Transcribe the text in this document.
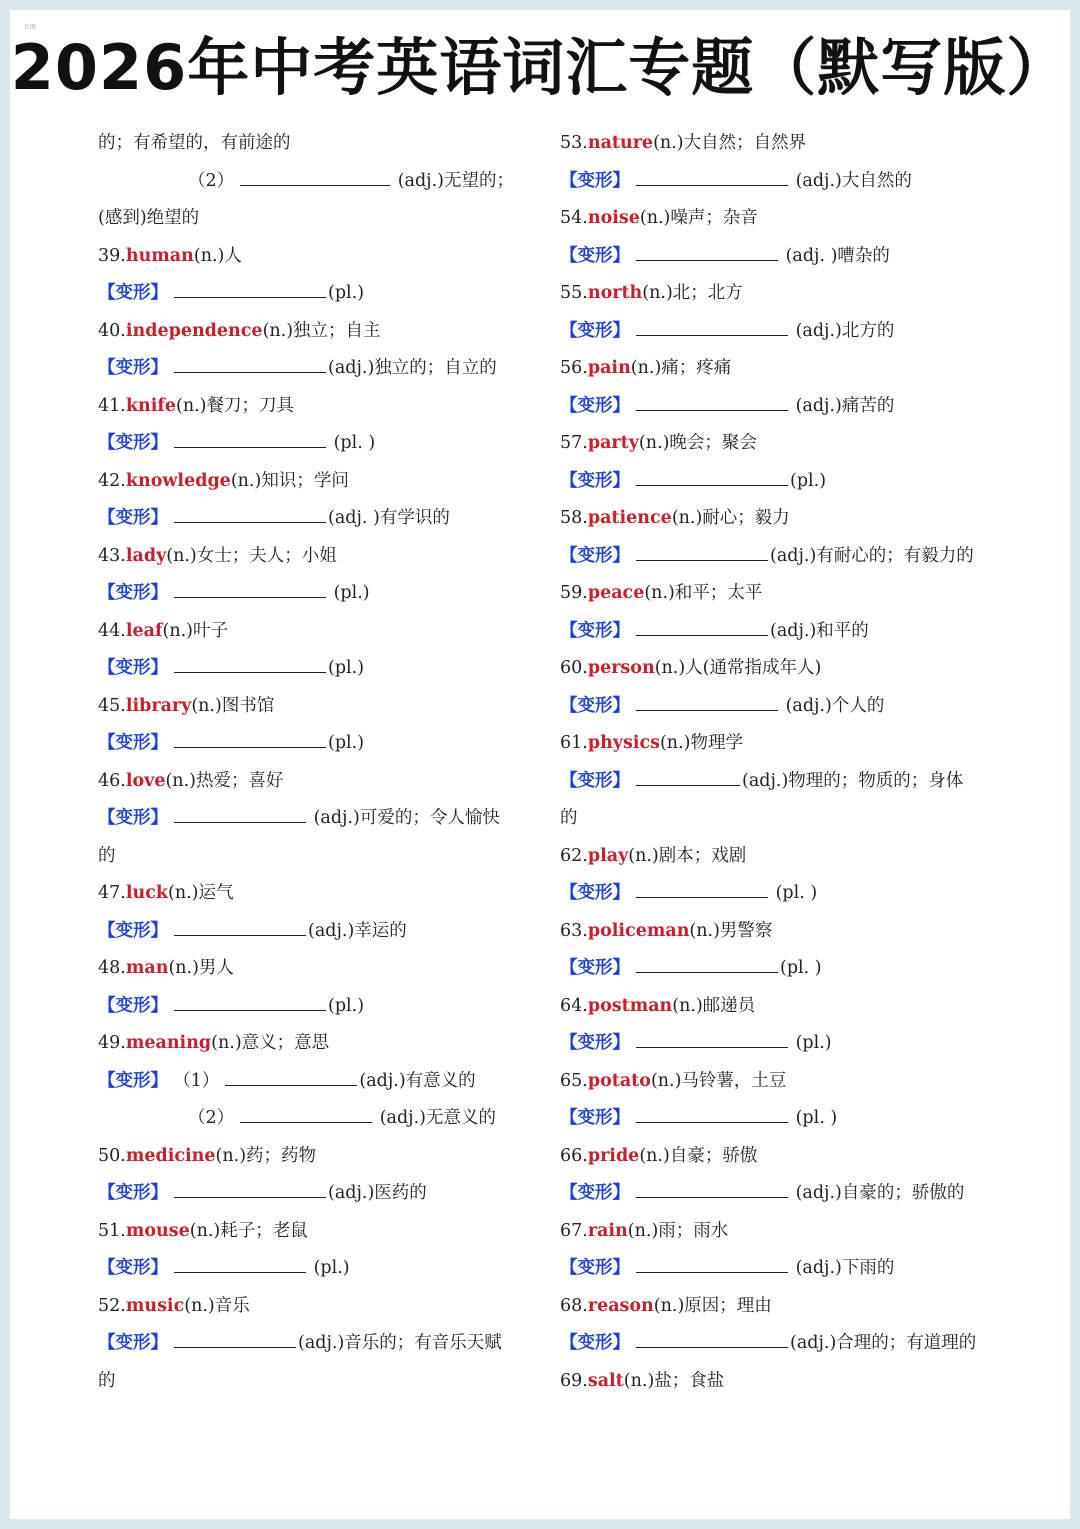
长图
2026年中考英语词汇专题（默写版）
的；有希望的，有前途的
（2）	(adj.)无望的；
(感到)绝望的
39.human(n.)人
【变形】	(pl.)
40.independence(n.)独立；自主
【变形】	(adj.)独立的；自立的
41.knife(n.)餐刀；刀具
【变形】	(pl. )
42.knowledge(n.)知识；学问
【变形】	(adj. )有学识的
43.lady(n.)女士；夫人；小姐
【变形】	(pl.)
44.leaf(n.)叶子
【变形】	(pl.)
45.library(n.)图书馆
【变形】	(pl.)
46.love(n.)热爱；喜好
【变形】	(adj.)可爱的；令人愉快
的
47.luck(n.)运气
【变形】	(adj.)幸运的
48.man(n.)男人
【变形】	(pl.)
49.meaning(n.)意义；意思
【变形】 （1）	(adj.)有意义的
（2）	(adj.)无意义的
50.medicine(n.)药；药物
【变形】	(adj.)医药的
51.mouse(n.)耗子；老鼠
【变形】	(pl.)
52.music(n.)音乐
【变形】	(adj.)音乐的；有音乐天赋
的
53.nature(n.)大自然；自然界
【变形】	(adj.)大自然的
54.noise(n.)噪声；杂音
【变形】	(adj. )嘈杂的
55.north(n.)北；北方
【变形】	(adj.)北方的
56.pain(n.)痛；疼痛
【变形】	(adj.)痛苦的
57.party(n.)晚会；聚会
【变形】	(pl.)
58.patience(n.)耐心；毅力
【变形】	(adj.)有耐心的；有毅力的
59.peace(n.)和平；太平
【变形】	(adj.)和平的
60.person(n.)人(通常指成年人)
【变形】	(adj.)个人的
61.physics(n.)物理学
【变形】	(adj.)物理的；物质的；身体
的
62.play(n.)剧本；戏剧
【变形】	(pl. )
63.policeman(n.)男警察
【变形】	(pl. )
64.postman(n.)邮递员
【变形】	(pl.)
65.potato(n.)马铃薯，土豆
【变形】	(pl. )
66.pride(n.)自豪；骄傲
【变形】	(adj.)自豪的；骄傲的
67.rain(n.)雨；雨水
【变形】	(adj.)下雨的
68.reason(n.)原因；理由
【变形】	(adj.)合理的；有道理的
69.salt(n.)盐；食盐
